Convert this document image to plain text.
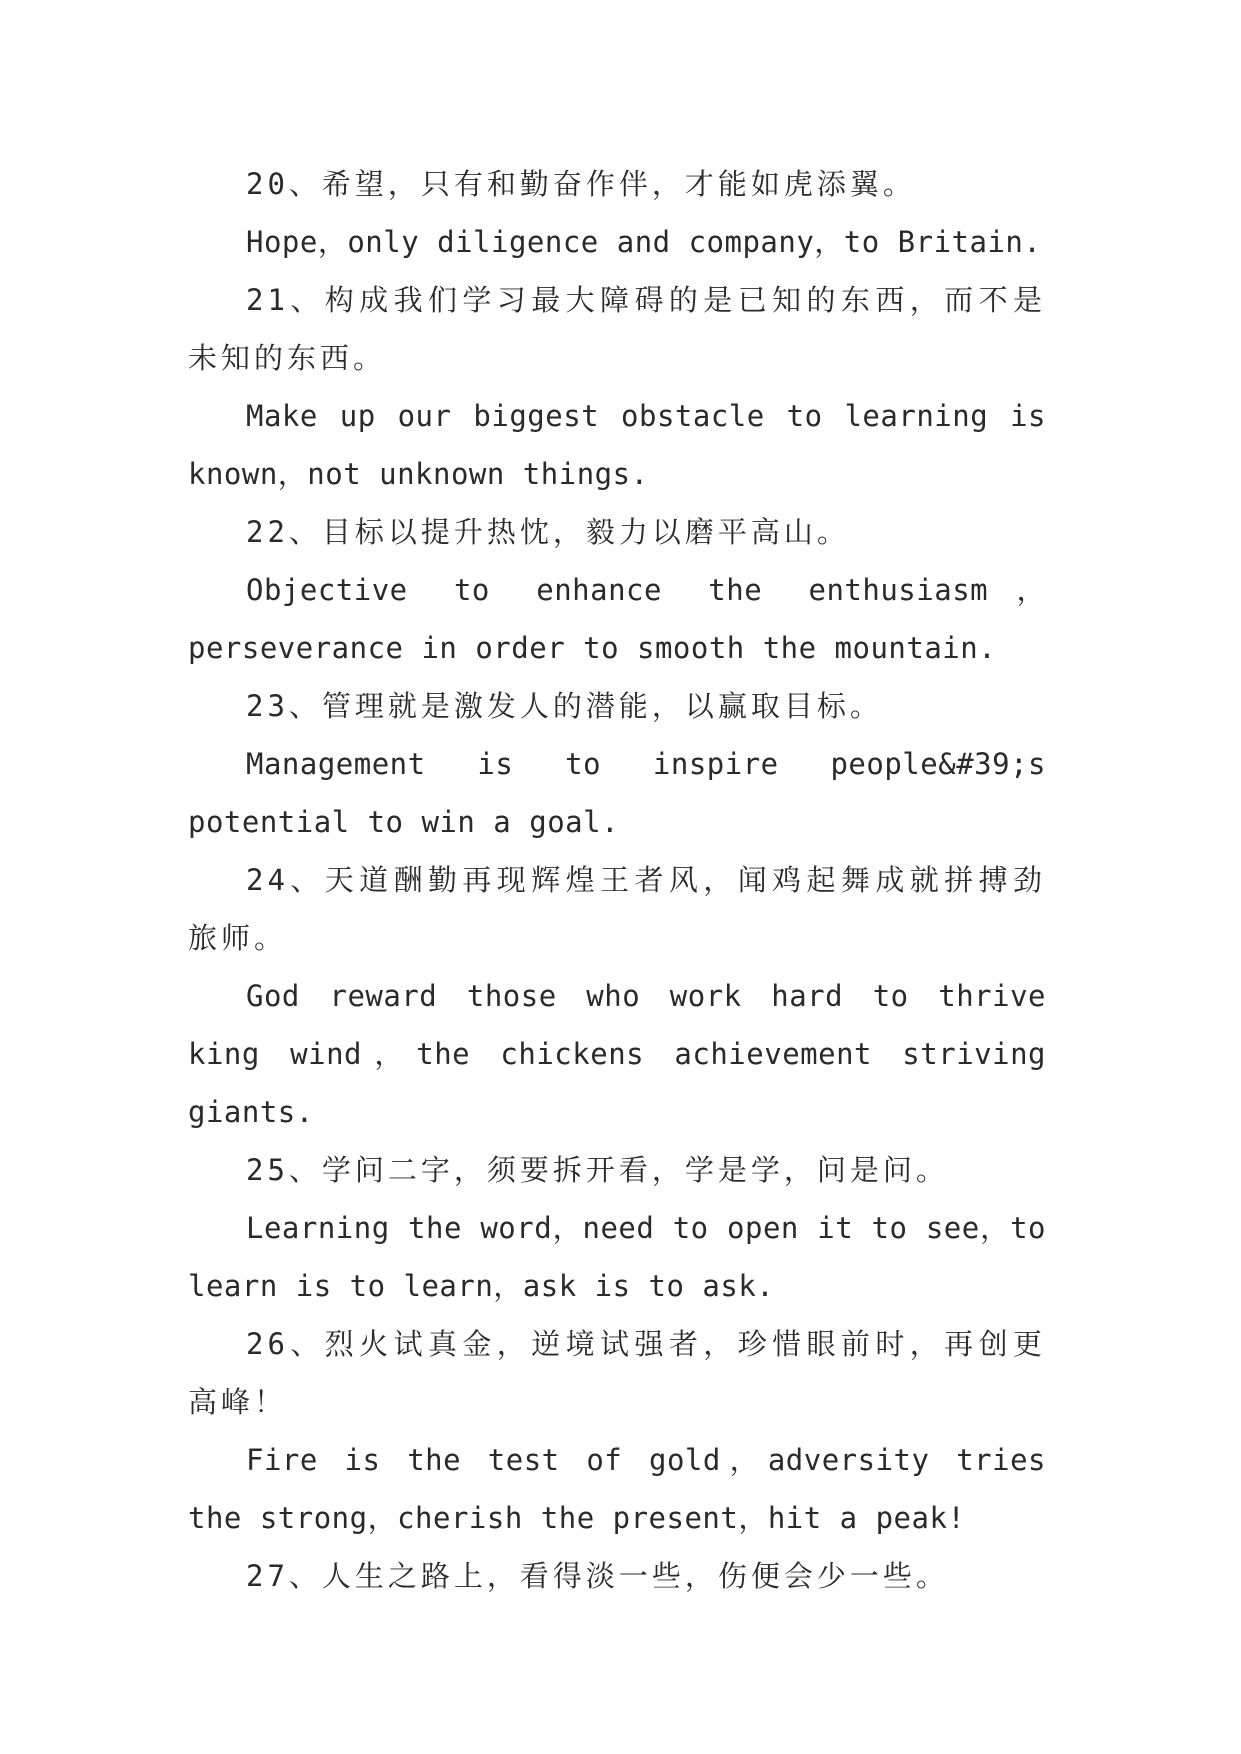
20、希望，只有和勤奋作伴，才能如虎添翼。

Hope，only diligence and company，to Britain.

21、构成我们学习最大障碍的是已知的东西，而不是未知的东西。

Make up our biggest obstacle to learning is known，not unknown things.

22、目标以提升热忱，毅力以磨平高山。

Objective to enhance the enthusiasm，perseverance in order to smooth the mountain.

23、管理就是激发人的潜能，以赢取目标。

Management is to inspire people&#39;s potential to win a goal.

24、天道酬勤再现辉煌王者风，闻鸡起舞成就拼搏劲旅师。

God reward those who work hard to thrive king wind，the chickens achievement striving giants.

25、学问二字，须要拆开看，学是学，问是问。

Learning the word，need to open it to see，to learn is to learn，ask is to ask.

26、烈火试真金，逆境试强者，珍惜眼前时，再创更高峰！

Fire is the test of gold，adversity tries the strong，cherish the present，hit a peak!

27、人生之路上，看得淡一些，伤便会少一些。
